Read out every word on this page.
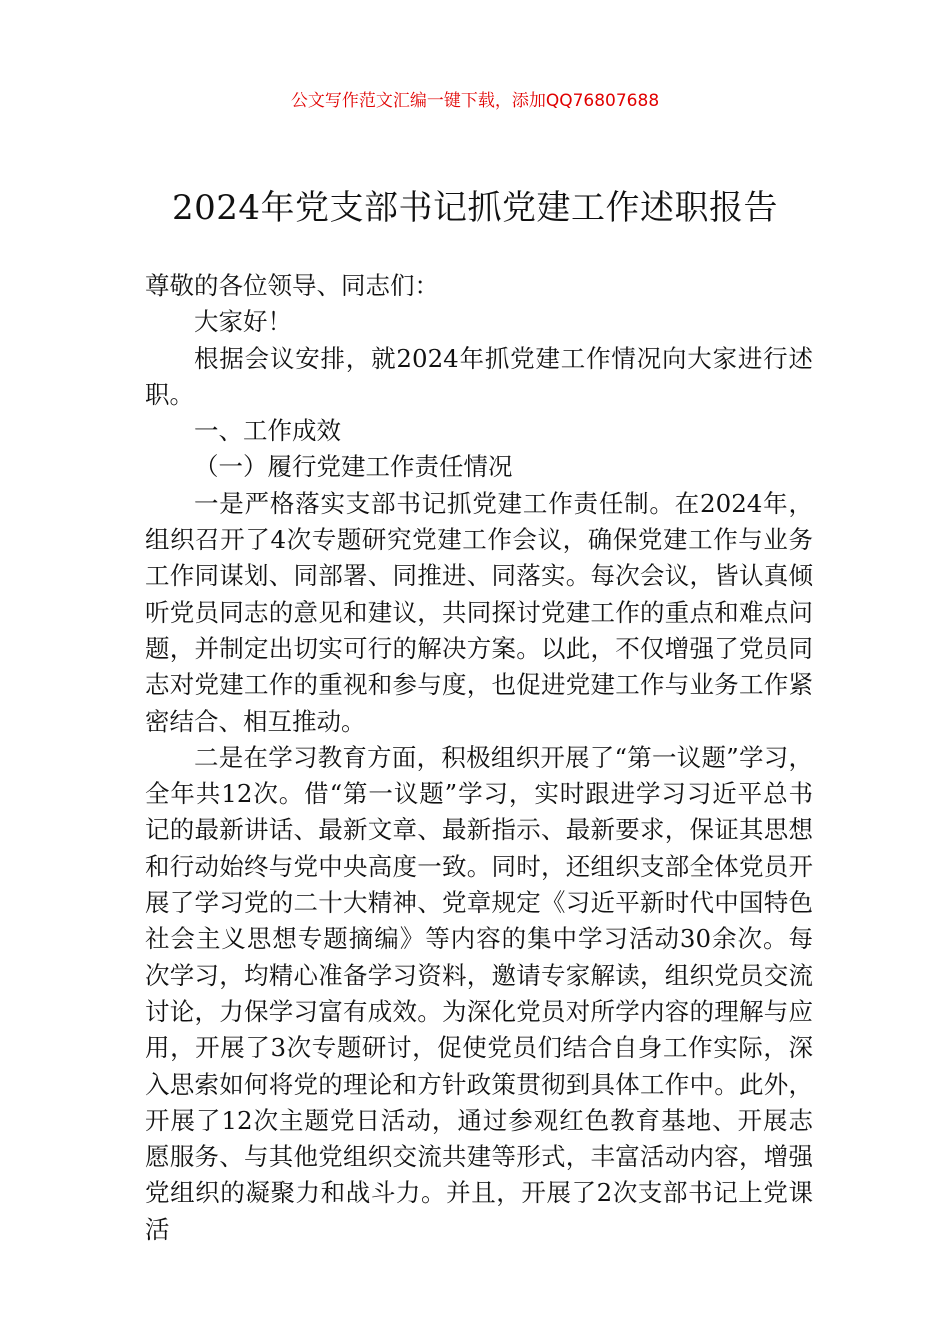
公文写作范文汇编一键下载，添加QQ76807688
2024年党支部书记抓党建工作述职报告

尊敬的各位领导、同志们：

大家好！

根据会议安排，就2024年抓党建工作情况向大家进行述职。

一、工作成效

（一）履行党建工作责任情况

一是严格落实支部书记抓党建工作责任制。在2024年，组织召开了4次专题研究党建工作会议，确保党建工作与业务工作同谋划、同部署、同推进、同落实。每次会议，皆认真倾听党员同志的意见和建议，共同探讨党建工作的重点和难点问题，并制定出切实可行的解决方案。以此，不仅增强了党员同志对党建工作的重视和参与度，也促进党建工作与业务工作紧密结合、相互推动。

二是在学习教育方面，积极组织开展了“第一议题”学习，全年共12次。借“第一议题”学习，实时跟进学习习近平总书记的最新讲话、最新文章、最新指示、最新要求，保证其思想和行动始终与党中央高度一致。同时，还组织支部全体党员开展了学习党的二十大精神、党章规定《习近平新时代中国特色社会主义思想专题摘编》等内容的集中学习活动30余次。每次学习，均精心准备学习资料，邀请专家解读，组织党员交流讨论，力保学习富有成效。为深化党员对所学内容的理解与应用，开展了3次专题研讨，促使党员们结合自身工作实际，深入思索如何将党的理论和方针政策贯彻到具体工作中。此外，开展了12次主题党日活动，通过参观红色教育基地、开展志愿服务、与其他党组织交流共建等形式，丰富活动内容，增强党组织的凝聚力和战斗力。并且，开展了2次支部书记上党课活
